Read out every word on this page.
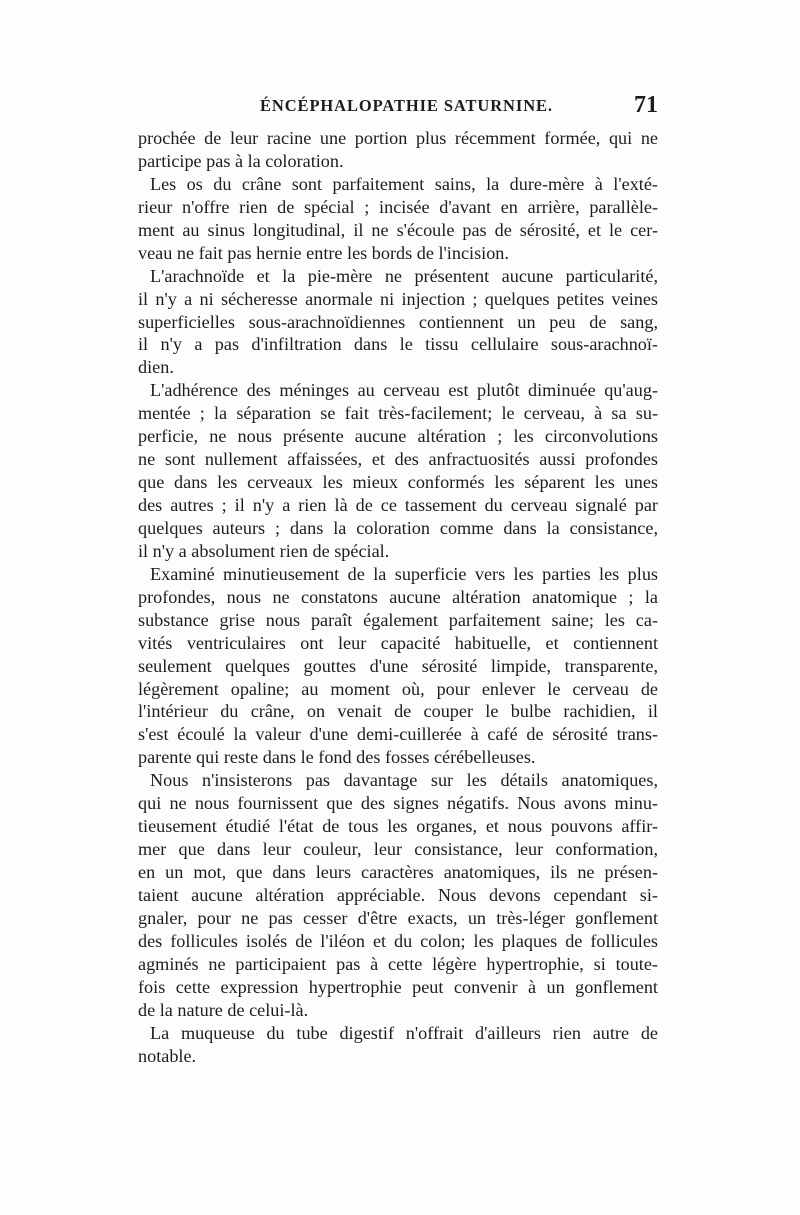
ÉNCÉPHALOPATHIE SATURNINE.	71
prochée de leur racine une portion plus récemment formée, qui ne
participe pas à la coloration.
Les os du crâne sont parfaitement sains, la dure-mère à l'exté-
rieur n'offre rien de spécial ; incisée d'avant en arrière, parallèle-
ment au sinus longitudinal, il ne s'écoule pas de sérosité, et le cer-
veau ne fait pas hernie entre les bords de l'incision.
L'arachnoïde et la pie-mère ne présentent aucune particularité,
il n'y a ni sécheresse anormale ni injection ; quelques petites veines
superficielles sous-arachnoïdiennes contiennent un peu de sang,
il n'y a pas d'infiltration dans le tissu cellulaire sous-arachnoï-
dien.
L'adhérence des méninges au cerveau est plutôt diminuée qu'aug-
mentée ; la séparation se fait très-facilement; le cerveau, à sa su-
perficie, ne nous présente aucune altération ; les circonvolutions
ne sont nullement affaissées, et des anfractuosités aussi profondes
que dans les cerveaux les mieux conformés les séparent les unes
des autres ; il n'y a rien là de ce tassement du cerveau signalé par
quelques auteurs ; dans la coloration comme dans la consistance,
il n'y a absolument rien de spécial.
Examiné minutieusement de la superficie vers les parties les plus
profondes, nous ne constatons aucune altération anatomique ; la
substance grise nous paraît également parfaitement saine; les ca-
vités ventriculaires ont leur capacité habituelle, et contiennent
seulement quelques gouttes d'une sérosité limpide, transparente,
légèrement opaline; au moment où, pour enlever le cerveau de
l'intérieur du crâne, on venait de couper le bulbe rachidien, il
s'est écoulé la valeur d'une demi-cuillerée à café de sérosité trans-
parente qui reste dans le fond des fosses cérébelleuses.
Nous n'insisterons pas davantage sur les détails anatomiques,
qui ne nous fournissent que des signes négatifs. Nous avons minu-
tieusement étudié l'état de tous les organes, et nous pouvons affir-
mer que dans leur couleur, leur consistance, leur conformation,
en un mot, que dans leurs caractères anatomiques, ils ne présen-
taient aucune altération appréciable. Nous devons cependant si-
gnaler, pour ne pas cesser d'être exacts, un très-léger gonflement
des follicules isolés de l'iléon et du colon; les plaques de follicules
agminés ne participaient pas à cette légère hypertrophie, si toute-
fois cette expression hypertrophie peut convenir à un gonflement
de la nature de celui-là.
La muqueuse du tube digestif n'offrait d'ailleurs rien autre de
notable.
